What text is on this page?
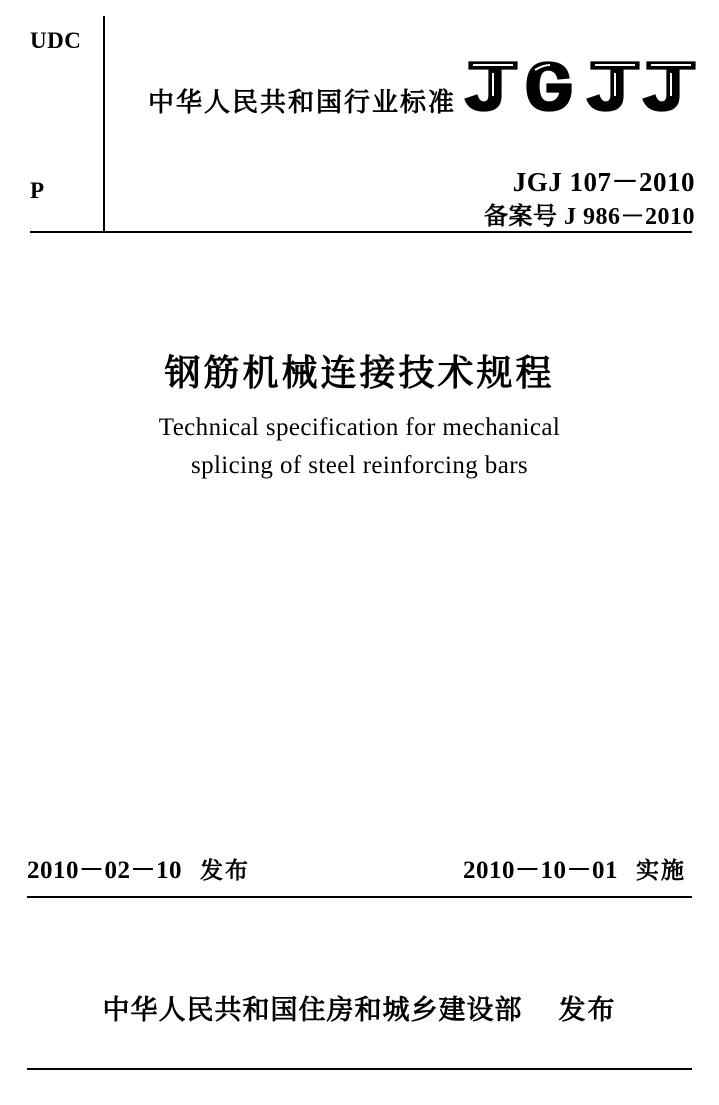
UDC
P
中华人民共和国行业标准
JGJ 107－2010
备案号 J 986－2010
钢筋机械连接技术规程
Technical specification for mechanical
splicing of steel reinforcing bars
2010－02－10 发布	2010－10－01 实施
中华人民共和国住房和城乡建设部 发布
